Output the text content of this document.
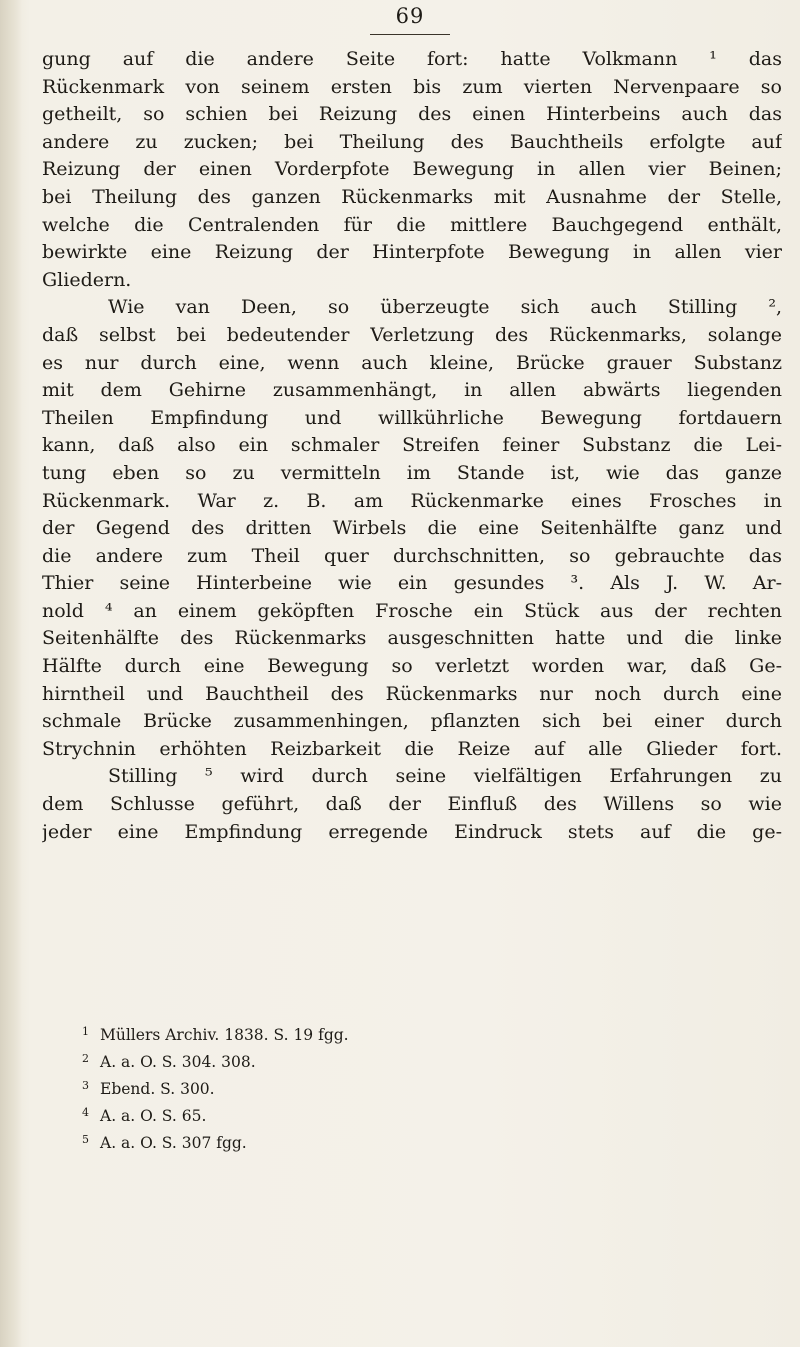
69
gung auf die andere Seite fort: hatte Volkmann ¹ das
Rückenmark von seinem ersten bis zum vierten Nervenpaare so
getheilt, so schien bei Reizung des einen Hinterbeins auch das
andere zu zucken; bei Theilung des Bauchtheils erfolgte auf
Reizung der einen Vorderpfote Bewegung in allen vier Beinen;
bei Theilung des ganzen Rückenmarks mit Ausnahme der Stelle,
welche die Centralenden für die mittlere Bauchgegend enthält,
bewirkte eine Reizung der Hinterpfote Bewegung in allen vier
Gliedern.
Wie van Deen, so überzeugte sich auch Stilling ²,
daß selbst bei bedeutender Verletzung des Rückenmarks, solange
es nur durch eine, wenn auch kleine, Brücke grauer Substanz
mit dem Gehirne zusammenhängt, in allen abwärts liegenden
Theilen Empfindung und willkührliche Bewegung fortdauern
kann, daß also ein schmaler Streifen feiner Substanz die Lei-
tung eben so zu vermitteln im Stande ist, wie das ganze
Rückenmark. War z. B. am Rückenmarke eines Frosches in
der Gegend des dritten Wirbels die eine Seitenhälfte ganz und
die andere zum Theil quer durchschnitten, so gebrauchte das
Thier seine Hinterbeine wie ein gesundes ³. Als J. W. Ar-
nold ⁴ an einem geköpften Frosche ein Stück aus der rechten
Seitenhälfte des Rückenmarks ausgeschnitten hatte und die linke
Hälfte durch eine Bewegung so verletzt worden war, daß Ge-
hirntheil und Bauchtheil des Rückenmarks nur noch durch eine
schmale Brücke zusammenhingen, pflanzten sich bei einer durch
Strychnin erhöhten Reizbarkeit die Reize auf alle Glieder fort.
Stilling ⁵ wird durch seine vielfältigen Erfahrungen zu
dem Schlusse geführt, daß der Einfluß des Willens so wie
jeder eine Empfindung erregende Eindruck stets auf die ge-
1 Müllers Archiv. 1838. S. 19 fgg.
2 A. a. O. S. 304. 308.
3 Ebend. S. 300.
4 A. a. O. S. 65.
5 A. a. O. S. 307 fgg.
